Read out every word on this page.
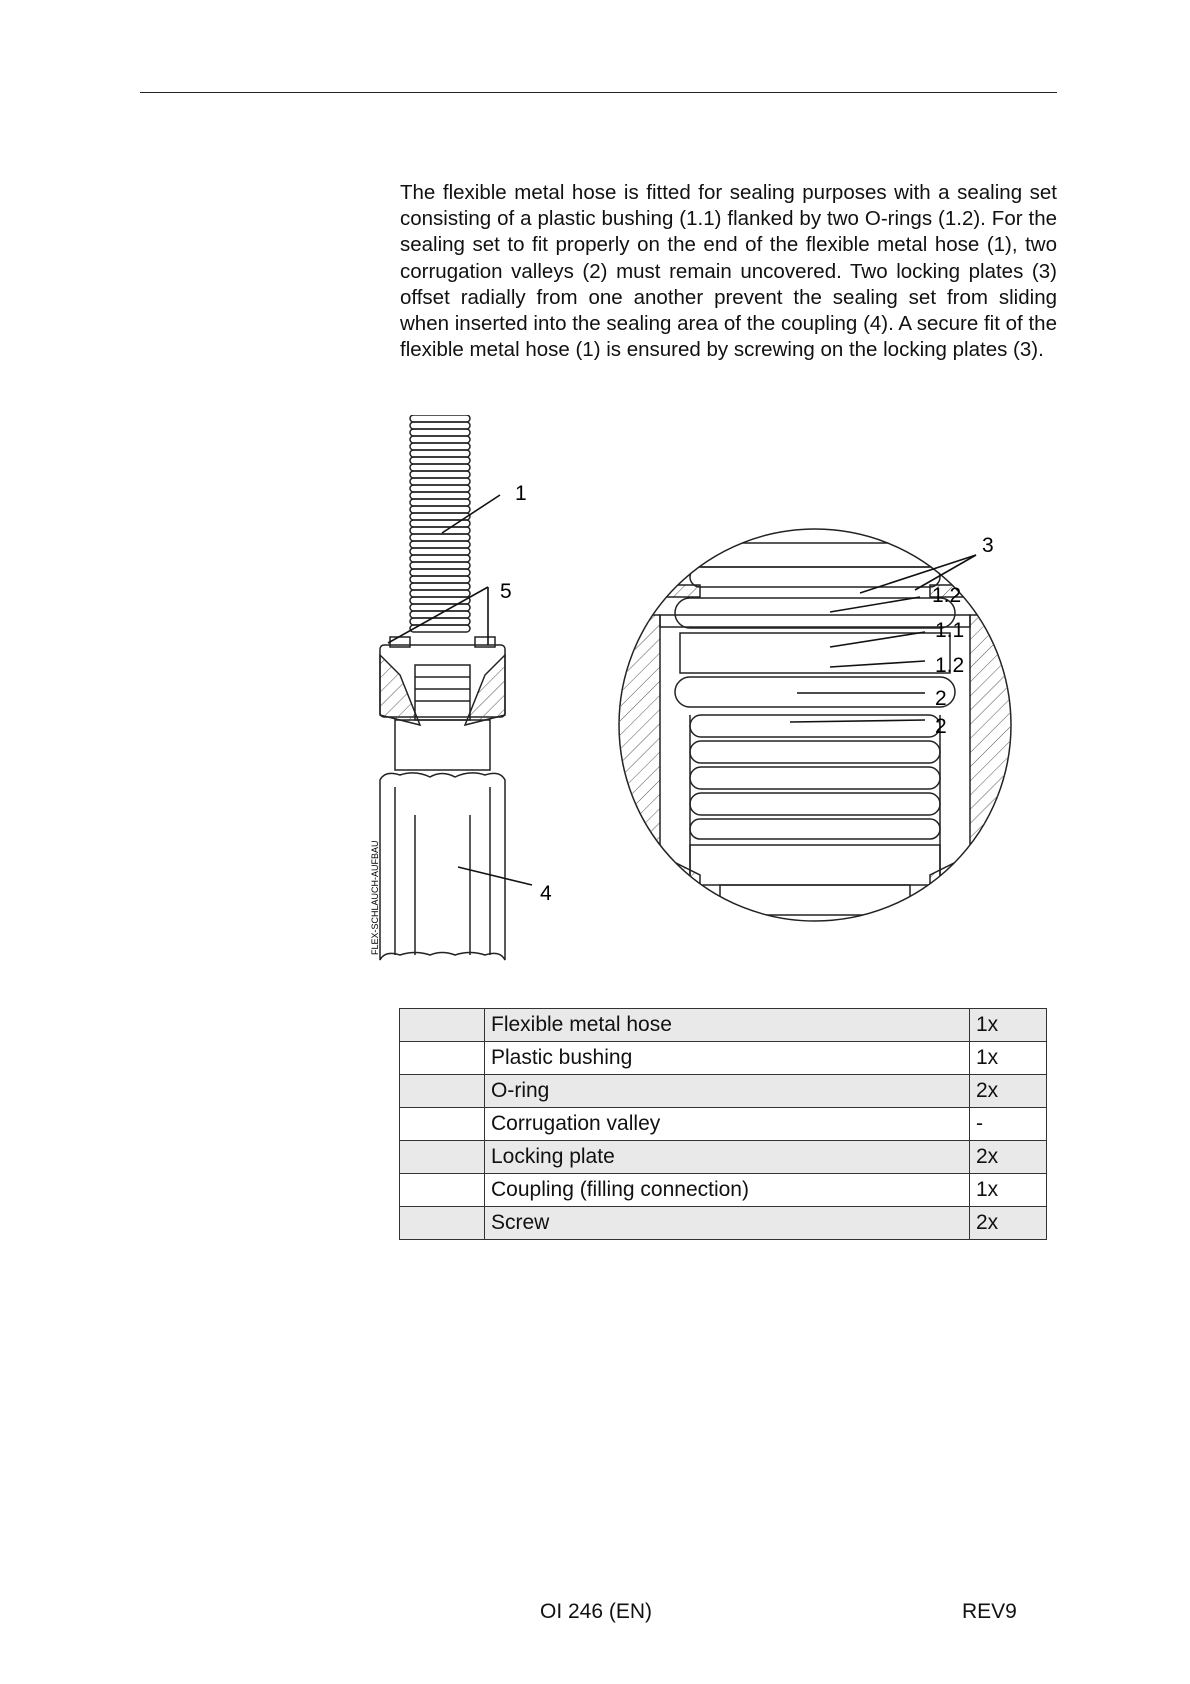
The flexible metal hose is fitted for sealing purposes with a sealing set consisting of a plastic bushing (1.1) flanked by two O-rings (1.2). For the sealing set to fit properly on the end of the flexible metal hose (1), two corrugation valleys (2) must remain uncovered. Two locking plates (3) offset radially from one another prevent the sealing set from sliding when inserted into the sealing area of the coupling (4). A secure fit of the flexible metal hose (1) is ensured by screwing on the locking plates (3).

1
5
4
FLEX-SCHLAUCH-AUFBAU
3
1.2
1.1
1.2
2
2
	Flexible metal hose	1x
	Plastic bushing	1x
	O-ring	2x
	Corrugation valley	-
	Locking plate	2x
	Coupling (filling connection)	1x
	Screw	2x
OI 246 (EN)	REV9
